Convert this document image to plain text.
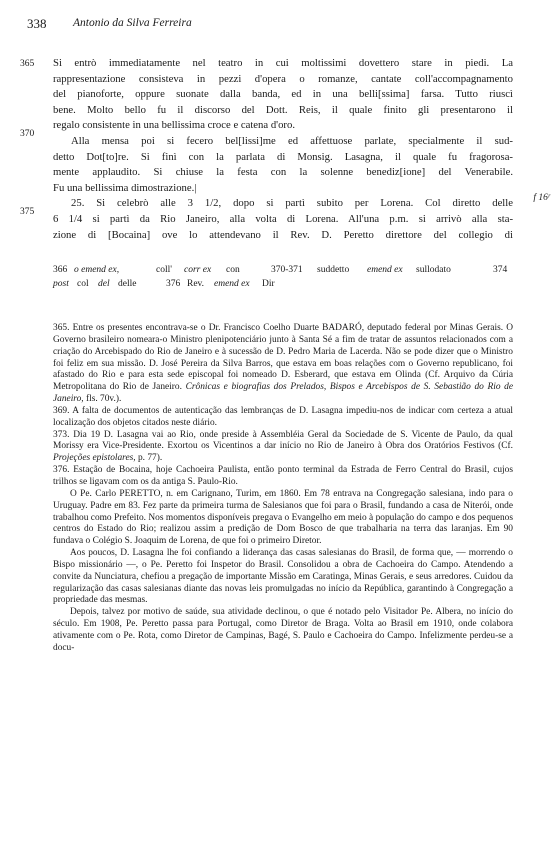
338 Antonio da Silva Ferreira
365
370
375
f 16ʳ

Si entrò immediatamente nel teatro in cui moltissimi dovettero stare in piedi. La
rappresentazione consisteva in pezzi d'opera o romanze, cantate coll'accompagnamento
del pianoforte, oppure suonate dalla banda, ed in una belli[ssima] farsa. Tutto riuscì
bene. Molto bello fu il discorso del Dott. Reis, il quale finito gli presentarono il
regalo consistente in una bellissima croce e catena d'oro.

Alla mensa poi si fecero bel[lissi]me ed affettuose parlate, specialmente il sud-
detto Dot[to]re. Si finì con la parlata di Monsig. Lasagna, il quale fu fragorosa-
mente applaudito. Si chiuse la festa con la solenne benediz[ione] del Venerabile.
Fu una bellissima dimostrazione.|

25. Si celebrò alle 3 1/2, dopo si partì subito per Lorena. Col diretto delle
6 1/4 si partì da Rio Janeiro, alla volta di Lorena. All'una p.m. si arrivò alla sta-
zione di [Bocaina] ove lo attendevano il Rev. D. Peretto direttore del collegio di

366 o emend ex,	coll' corr ex con	370-371 suddetto emend ex sullodato	374
post col del delle	376 Rev. emend ex Dir

365. Entre os presentes encontrava-se o Dr. Francisco Coelho Duarte BADARÓ, deputado federal por Minas Gerais. O Governo brasileiro nomeara-o Ministro plenipotenciário junto à Santa Sé a fim de tratar de assuntos relacionados com a criação do Arcebispado do Rio de Janeiro e à sucessão de D. Pedro Maria de Lacerda. Não se pode dizer que o Ministro foi feliz em sua missão. D. José Pereira da Silva Barros, que estava em boas relações com o Governo republicano, foi afastado do Rio e para esta sede episcopal foi nomeado D. Esberard, que estava em Olinda (Cf. Arquivo da Cúria Metropolitana do Rio de Janeiro. Crônicas e biografias dos Prelados, Bispos e Arcebispos de S. Sebastião do Rio de Janeiro, fls. 70v.).

369. A falta de documentos de autenticação das lembranças de D. Lasagna impediu-nos de indicar com certeza a atual localização dos objetos citados neste diário.

373. Dia 19 D. Lasagna vai ao Rio, onde preside à Assembléia Geral da Sociedade de S. Vicente de Paulo, da qual Morissy era Vice-Presidente. Exortou os Vicentinos a dar início no Rio de Janeiro à Obra dos Oratórios Festivos (Cf. Projeções epistolares, p. 77).

376. Estação de Bocaina, hoje Cachoeira Paulista, então ponto terminal da Estrada de Ferro Central do Brasil, cujos trilhos se ligavam com os da antiga S. Paulo-Rio.

O Pe. Carlo PERETTO, n. em Carignano, Turim, em 1860. Em 78 entrava na Congregação salesiana, indo para o Uruguay. Padre em 83. Fez parte da primeira turma de Salesianos que foi para o Brasil, fundando a casa de Niterói, onde trabalhou como Prefeito. Nos momentos disponíveis pregava o Evangelho em meio à população do campo e dos pequenos centros do Estado do Rio; realizou assim a predição de Dom Bosco de que trabalharia na terra das laranjas. Em 90 fundava o Colégio S. Joaquim de Lorena, de que foi o primeiro Diretor.

Aos poucos, D. Lasagna lhe foi confiando a liderança das casas salesianas do Brasil, de forma que, — morrendo o Bispo missionário —, o Pe. Peretto foi Inspetor do Brasil. Consolidou a obra de Cachoeira do Campo. Atendendo a convite da Nunciatura, chefiou a pregação de importante Missão em Caratinga, Minas Gerais, e seus arredores. Cuidou da regularização das casas salesianas diante das novas leis promulgadas no início da República, garantindo à Congregação a propriedade das mesmas.

Depois, talvez por motivo de saúde, sua atividade declinou, o que é notado pelo Visitador Pe. Albera, no início do século. Em 1908, Pe. Peretto passa para Portugal, como Diretor de Braga. Volta ao Brasil em 1910, onde colabora ativamente com o Pe. Rota, como Diretor de Campinas, Bagé, S. Paulo e Cachoeira do Campo. Infelizmente perdeu-se a docu-
